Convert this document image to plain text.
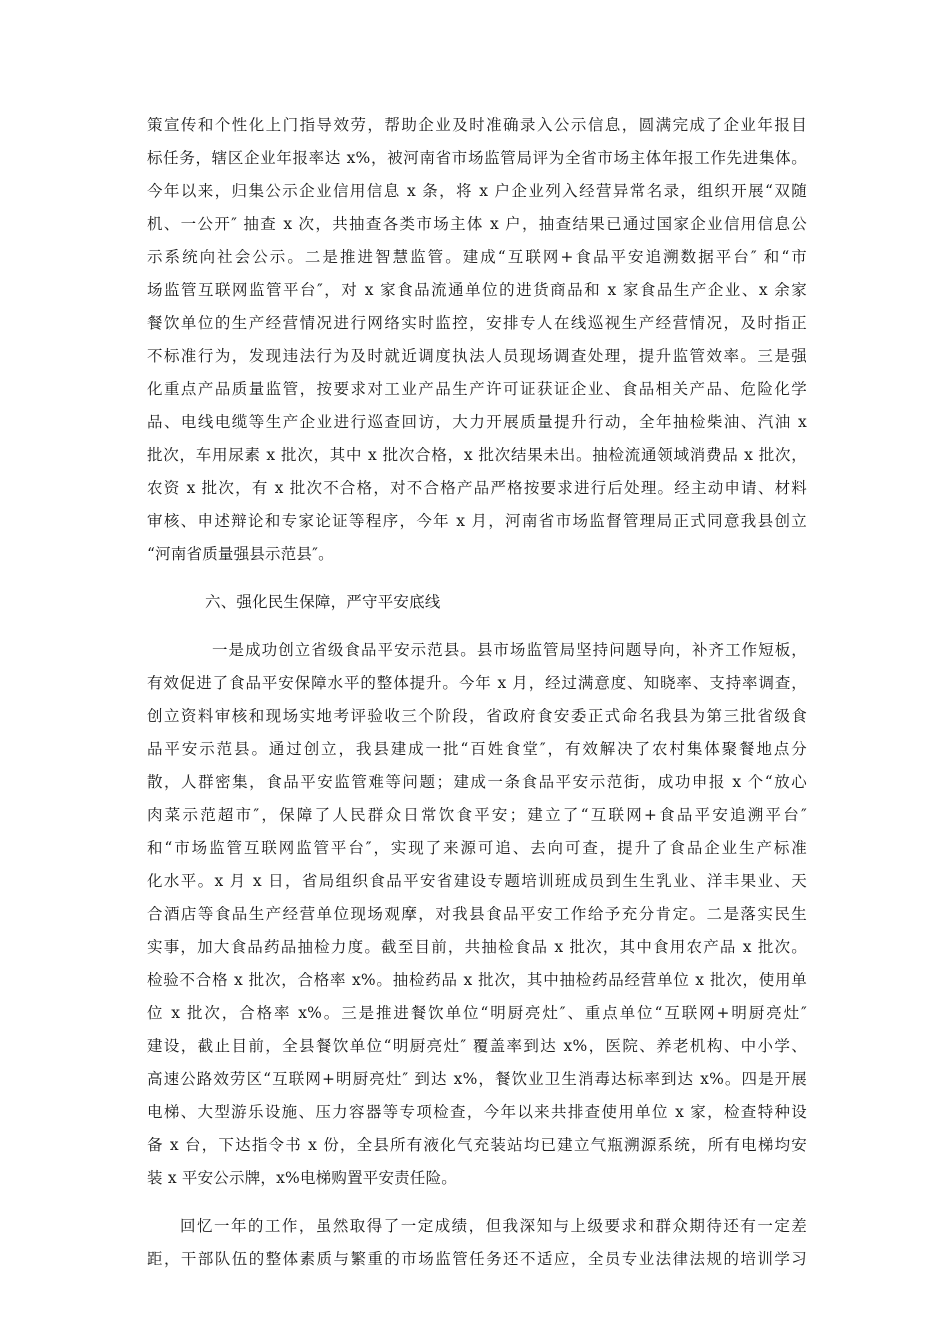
策宣传和个性化上门指导效劳，帮助企业及时准确录入公示信息，圆满完成了企业年报目
标任务，辖区企业年报率达 x%，被河南省市场监管局评为全省市场主体年报工作先进集体。
今年以来，归集公示企业信用信息 x 条，将 x 户企业列入经营异常名录，组织开展“双随
机、一公开″ 抽查 x 次，共抽查各类市场主体 x 户，抽查结果已通过国家企业信用信息公
示系统向社会公示。二是推进智慧监管。建成“互联网+食品平安追溯数据平台″ 和“市
场监管互联网监管平台″，对 x 家食品流通单位的进货商品和 x 家食品生产企业、x 余家
餐饮单位的生产经营情况进行网络实时监控，安排专人在线巡视生产经营情况，及时指正
不标准行为，发现违法行为及时就近调度执法人员现场调查处理，提升监管效率。三是强
化重点产品质量监管，按要求对工业产品生产许可证获证企业、食品相关产品、危险化学
品、电线电缆等生产企业进行巡查回访，大力开展质量提升行动，全年抽检柴油、汽油 x
批次，车用尿素 x 批次，其中 x 批次合格，x 批次结果未出。抽检流通领域消费品 x 批次，
农资 x 批次，有 x 批次不合格，对不合格产品严格按要求进行后处理。经主动申请、材料
审核、申述辩论和专家论证等程序，今年 x 月，河南省市场监督管理局正式同意我县创立
“河南省质量强县示范县″。
六、强化民生保障，严守平安底线
一是成功创立省级食品平安示范县。县市场监管局坚持问题导向，补齐工作短板，
有效促进了食品平安保障水平的整体提升。今年 x 月，经过满意度、知晓率、支持率调查，
创立资料审核和现场实地考评验收三个阶段，省政府食安委正式命名我县为第三批省级食
品平安示范县。通过创立，我县建成一批“百姓食堂″，有效解决了农村集体聚餐地点分
散，人群密集，食品平安监管难等问题；建成一条食品平安示范街，成功申报 x 个“放心
肉菜示范超市″，保障了人民群众日常饮食平安；建立了“互联网+食品平安追溯平台″
和“市场监管互联网监管平台″，实现了来源可追、去向可查，提升了食品企业生产标准
化水平。x 月 x 日，省局组织食品平安省建设专题培训班成员到生生乳业、洋丰果业、天
合酒店等食品生产经营单位现场观摩，对我县食品平安工作给予充分肯定。二是落实民生
实事，加大食品药品抽检力度。截至目前，共抽检食品 x 批次，其中食用农产品 x 批次。
检验不合格 x 批次，合格率 x%。抽检药品 x 批次，其中抽检药品经营单位 x 批次，使用单
位 x 批次，合格率 x%。三是推进餐饮单位“明厨亮灶″、重点单位“互联网+明厨亮灶″
建设，截止目前，全县餐饮单位“明厨亮灶″ 覆盖率到达 x%，医院、养老机构、中小学、
高速公路效劳区“互联网+明厨亮灶″ 到达 x%，餐饮业卫生消毒达标率到达 x%。四是开展
电梯、大型游乐设施、压力容器等专项检查，今年以来共排查使用单位 x 家，检查特种设
备 x 台，下达指令书 x 份，全县所有液化气充装站均已建立气瓶溯源系统，所有电梯均安
装 x 平安公示牌，x%电梯购置平安责任险。
回忆一年的工作，虽然取得了一定成绩，但我深知与上级要求和群众期待还有一定差
距，干部队伍的整体素质与繁重的市场监管任务还不适应，全员专业法律法规的培训学习
